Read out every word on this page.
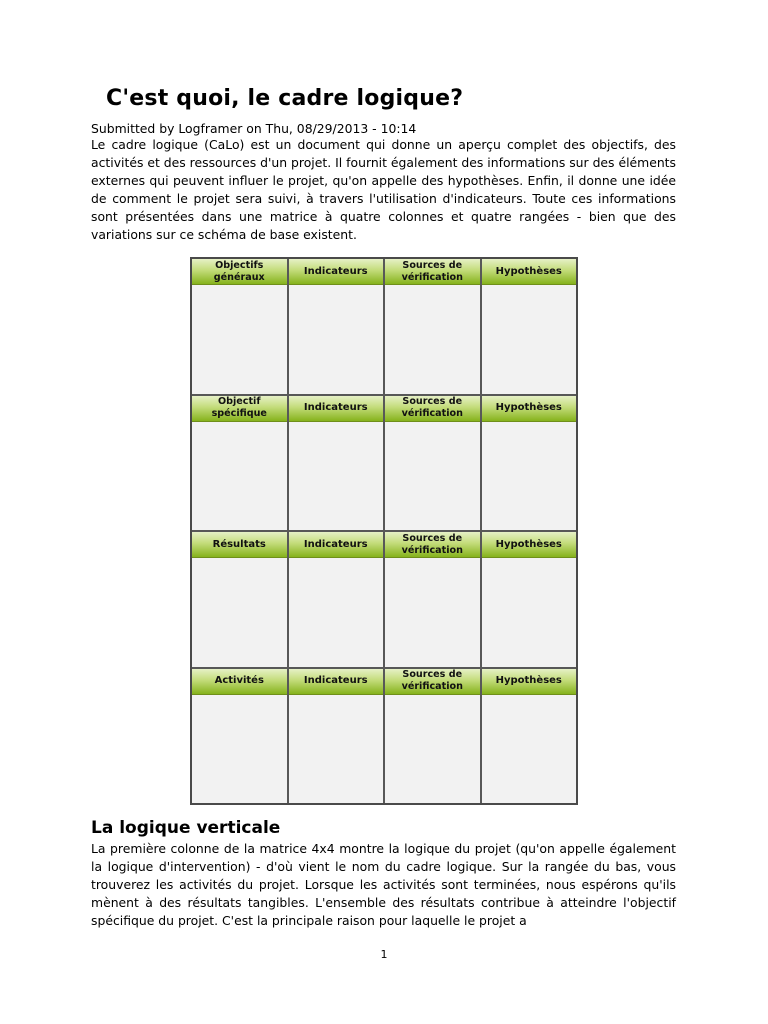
C'est quoi, le cadre logique?
Submitted by Logframer on Thu, 08/29/2013 - 10:14

Le cadre logique (CaLo) est un document qui donne un aperçu complet des objectifs, des activités et des ressources d'un projet. Il fournit également des informations sur des éléments externes qui peuvent influer le projet, qu'on appelle des hypothèses. Enfin, il donne une idée de comment le projet sera suivi, à travers l'utilisation d'indicateurs. Toute ces informations sont présentées dans une matrice à quatre colonnes et quatre rangées - bien que des variations sur ce schéma de base existent.

Objectifs généraux
Indicateurs
Sources de vérification
Hypothèses
Objectif spécifique
Indicateurs
Sources de vérification
Hypothèses
Résultats	Indicateurs
Sources de vérification
Hypothèses
Activités	Indicateurs
Sources de vérification
Hypothèses
La logique verticale

La première colonne de la matrice 4x4 montre la logique du projet (qu'on appelle également la logique d'intervention) - d'où vient le nom du cadre logique. Sur la rangée du bas, vous trouverez les activités du projet. Lorsque les activités sont terminées, nous espérons qu'ils mènent à des résultats tangibles. L'ensemble des résultats contribue à atteindre l'objectif spécifique du projet. C'est la principale raison pour laquelle le projet a

1
